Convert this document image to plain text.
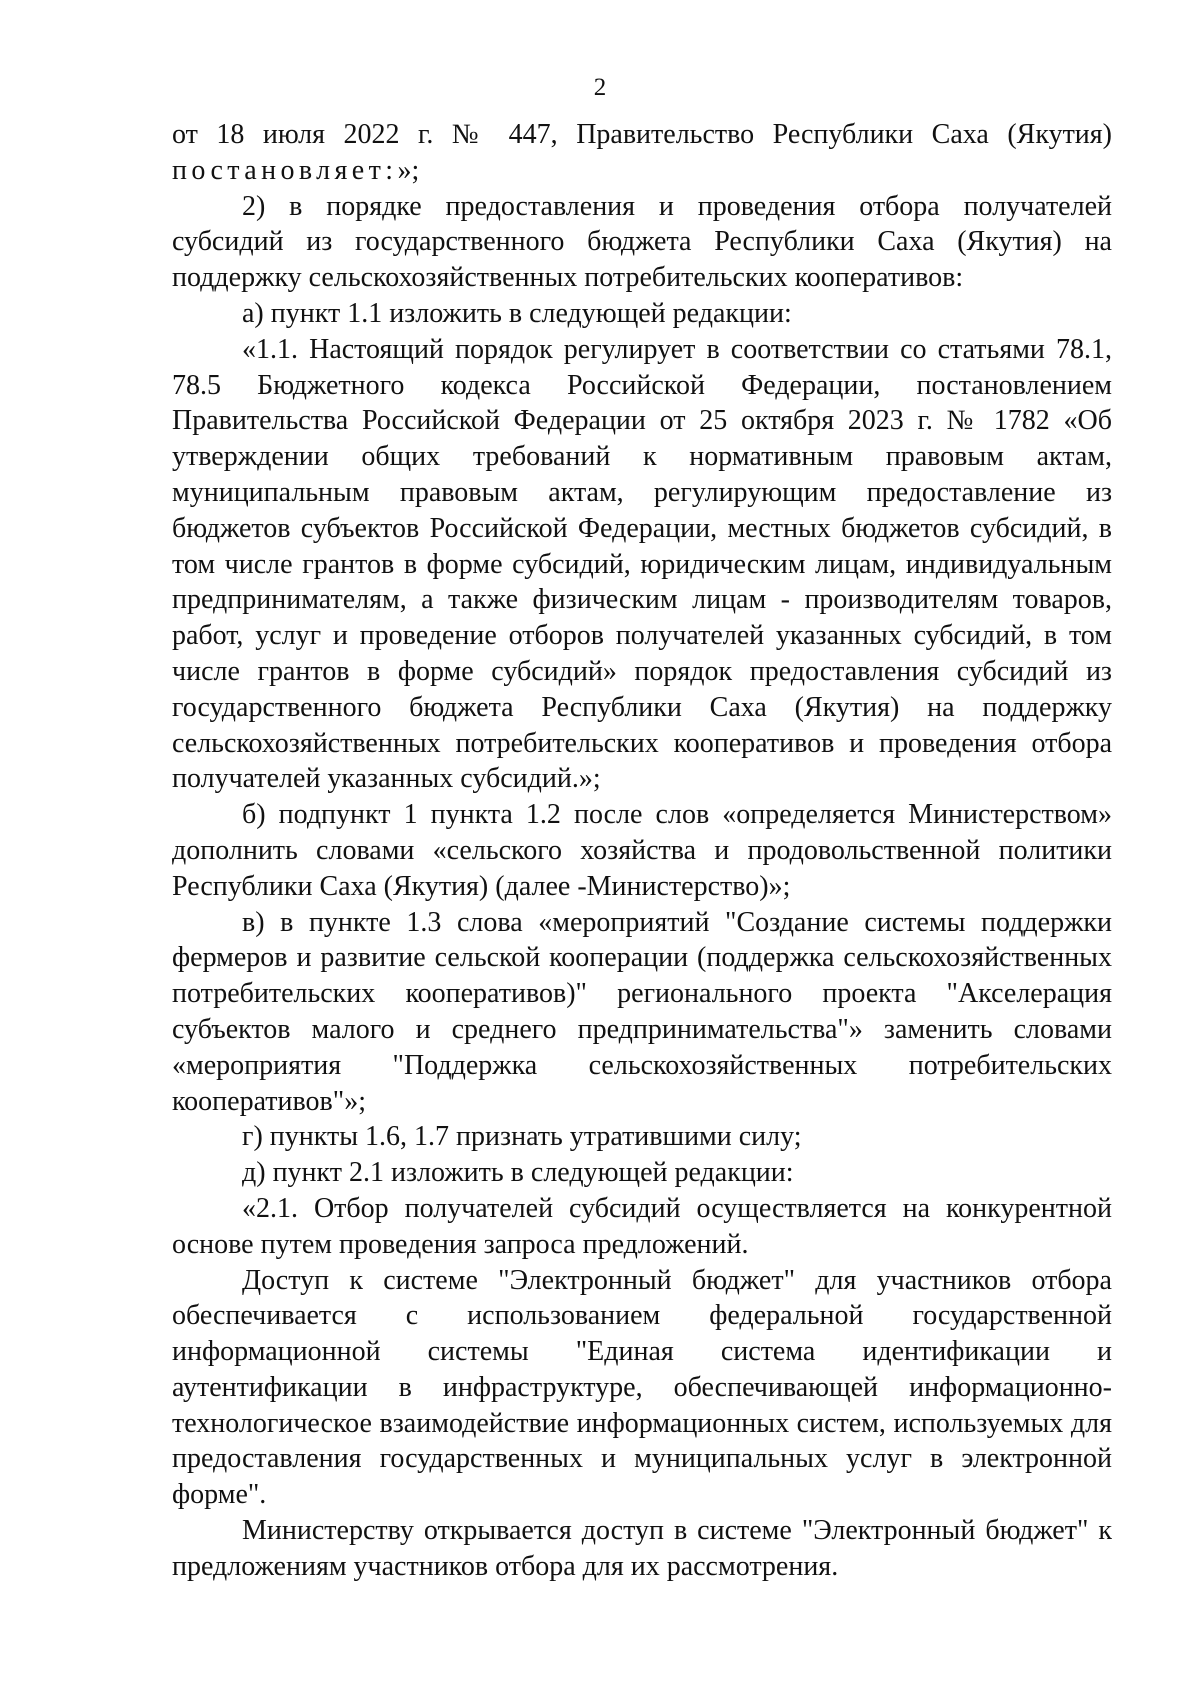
2

от 18 июля 2022 г. № 447, Правительство Республики Саха (Якутия) постановляет:»;

2) в порядке предоставления и проведения отбора получателей субсидий из государственного бюджета Республики Саха (Якутия) на поддержку сельскохозяйственных потребительских кооперативов:

а) пункт 1.1 изложить в следующей редакции:

«1.1. Настоящий порядок регулирует в соответствии со статьями 78.1, 78.5 Бюджетного кодекса Российской Федерации, постановлением Правительства Российской Федерации от 25 октября 2023 г. № 1782 «Об утверждении общих требований к нормативным правовым актам, муниципальным правовым актам, регулирующим предоставление из бюджетов субъектов Российской Федерации, местных бюджетов субсидий, в том числе грантов в форме субсидий, юридическим лицам, индивидуальным предпринимателям, а также физическим лицам - производителям товаров, работ, услуг и проведение отборов получателей указанных субсидий, в том числе грантов в форме субсидий» порядок предоставления субсидий из государственного бюджета Республики Саха (Якутия) на поддержку сельскохозяйственных потребительских кооперативов и проведения отбора получателей указанных субсидий.»;

б) подпункт 1 пункта 1.2 после слов «определяется Министерством» дополнить словами «сельского хозяйства и продовольственной политики Республики Саха (Якутия) (далее -Министерство)»;

в) в пункте 1.3 слова «мероприятий "Создание системы поддержки фермеров и развитие сельской кооперации (поддержка сельскохозяйственных потребительских кооперативов)" регионального проекта "Акселерация субъектов малого и среднего предпринимательства"» заменить словами «мероприятия "Поддержка сельскохозяйственных потребительских кооперативов"»;

г) пункты 1.6, 1.7 признать утратившими силу;

д) пункт 2.1 изложить в следующей редакции:

«2.1. Отбор получателей субсидий осуществляется на конкурентной основе путем проведения запроса предложений.

Доступ к системе "Электронный бюджет" для участников отбора обеспечивается с использованием федеральной государственной информационной системы "Единая система идентификации и аутентификации в инфраструктуре, обеспечивающей информационно-технологическое взаимодействие информационных систем, используемых для предоставления государственных и муниципальных услуг в электронной форме".

Министерству открывается доступ в системе "Электронный бюджет" к предложениям участников отбора для их рассмотрения.
